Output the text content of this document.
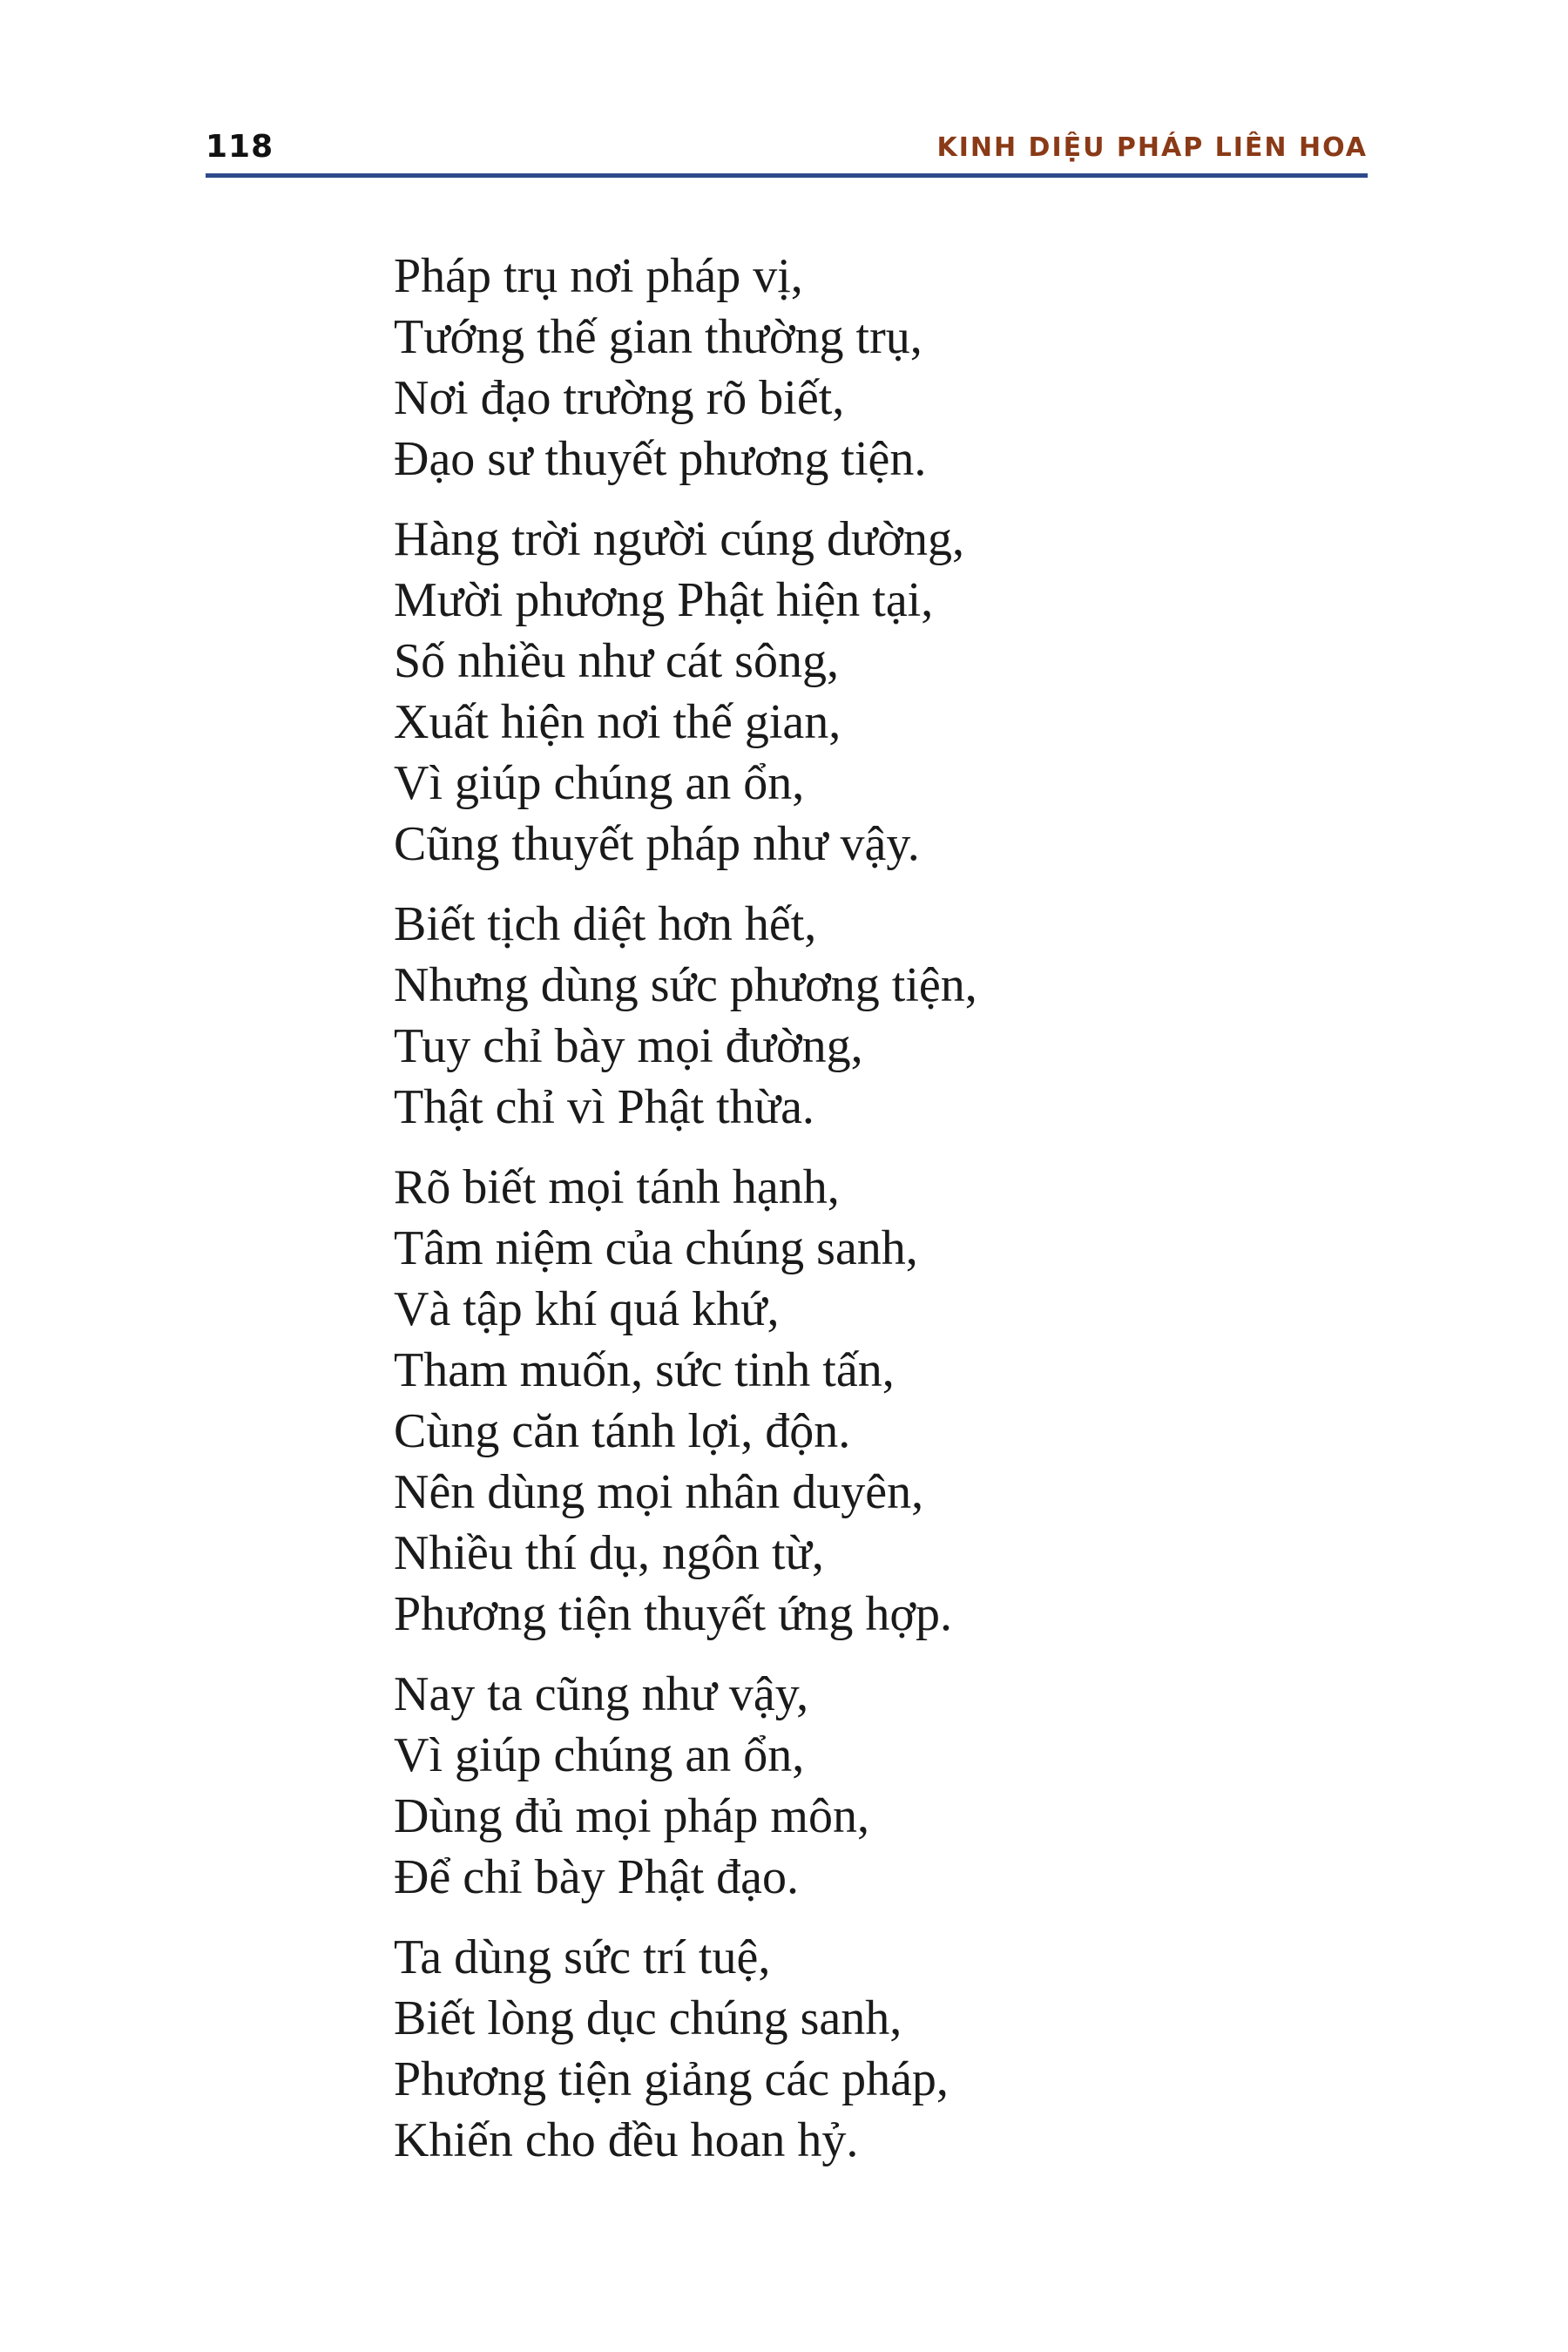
118	KINH DIỆU PHÁP LIÊN HOA
Pháp trụ nơi pháp vị,
Tướng thế gian thường trụ,
Nơi đạo trường rõ biết,
Đạo sư thuyết phương tiện.
Hàng trời người cúng dường,
Mười phương Phật hiện tại,
Số nhiều như cát sông,
Xuất hiện nơi thế gian,
Vì giúp chúng an ổn,
Cũng thuyết pháp như vậy.
Biết tịch diệt hơn hết,
Nhưng dùng sức phương tiện,
Tuy chỉ bày mọi đường,
Thật chỉ vì Phật thừa.
Rõ biết mọi tánh hạnh,
Tâm niệm của chúng sanh,
Và tập khí quá khứ,
Tham muốn, sức tinh tấn,
Cùng căn tánh lợi, độn.
Nên dùng mọi nhân duyên,
Nhiều thí dụ, ngôn từ,
Phương tiện thuyết ứng hợp.
Nay ta cũng như vậy,
Vì giúp chúng an ổn,
Dùng đủ mọi pháp môn,
Để chỉ bày Phật đạo.
Ta dùng sức trí tuệ,
Biết lòng dục chúng sanh,
Phương tiện giảng các pháp,
Khiến cho đều hoan hỷ.
